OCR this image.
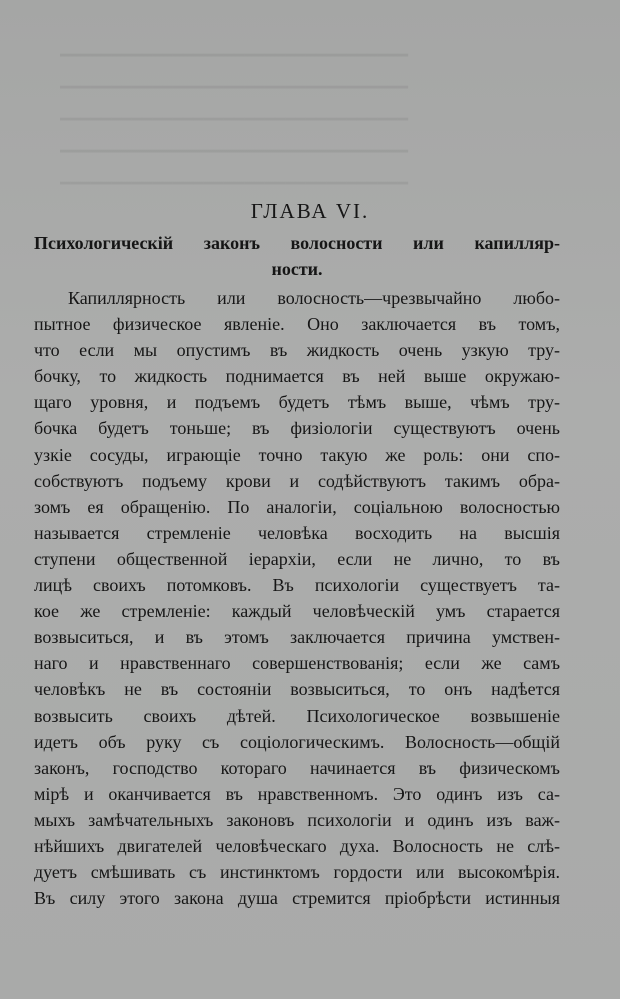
━━━━━━━━━━━━━━━━━━━━━━━━━━━━━━━━━━
━━━━━━━━━━━━━━━━━━━━━━━━━━━━━━━━━━
━━━━━━━━━━━━━━━━━━━━━━━━━━━━━━━━━━
━━━━━━━━━━━━━━━━━━━━━━━━━━━━━━━━━━
━━━━━━━━━━━━━━━━━━━━━━━━━━━━━━━━━━
ГЛАВА VI.
Психологическій законъ волосности или капилляр-
ности.
Капиллярность или волосность—чрезвычайно любо-
пытное физическое явленіе. Оно заключается въ томъ,
что если мы опустимъ въ жидкость очень узкую тру-
бочку, то жидкость поднимается въ ней выше окружаю-
щаго уровня, и подъемъ будетъ тѣмъ выше, чѣмъ тру-
бочка будетъ тоньше; въ физіологіи существуютъ очень
узкіе сосуды, играющіе точно такую же роль: они спо-
собствуютъ подъему крови и содѣйствуютъ такимъ обра-
зомъ ея обращенію. По аналогіи, соціальною волосностью
называется стремленіе человѣка восходить на высшія
ступени общественной іерархіи, если не лично, то въ
лицѣ своихъ потомковъ. Въ психологіи существуетъ та-
кое же стремленіе: каждый человѣческій умъ старается
возвыситься, и въ этомъ заключается причина умствен-
наго и нравственнаго совершенствованія; если же самъ
человѣкъ не въ состояніи возвыситься, то онъ надѣется
возвысить своихъ дѣтей. Психологическое возвышеніе
идетъ объ руку съ соціологическимъ. Волосность—общій
законъ, господство котораго начинается въ физическомъ
мірѣ и оканчивается въ нравственномъ. Это одинъ изъ са-
мыхъ замѣчательныхъ законовъ психологіи и одинъ изъ важ-
нѣйшихъ двигателей человѣческаго духа. Волосность не слѣ-
дуетъ смѣшивать съ инстинктомъ гордости или высокомѣрія.
Въ силу этого закона душа стремится пріобрѣсти истинныя
